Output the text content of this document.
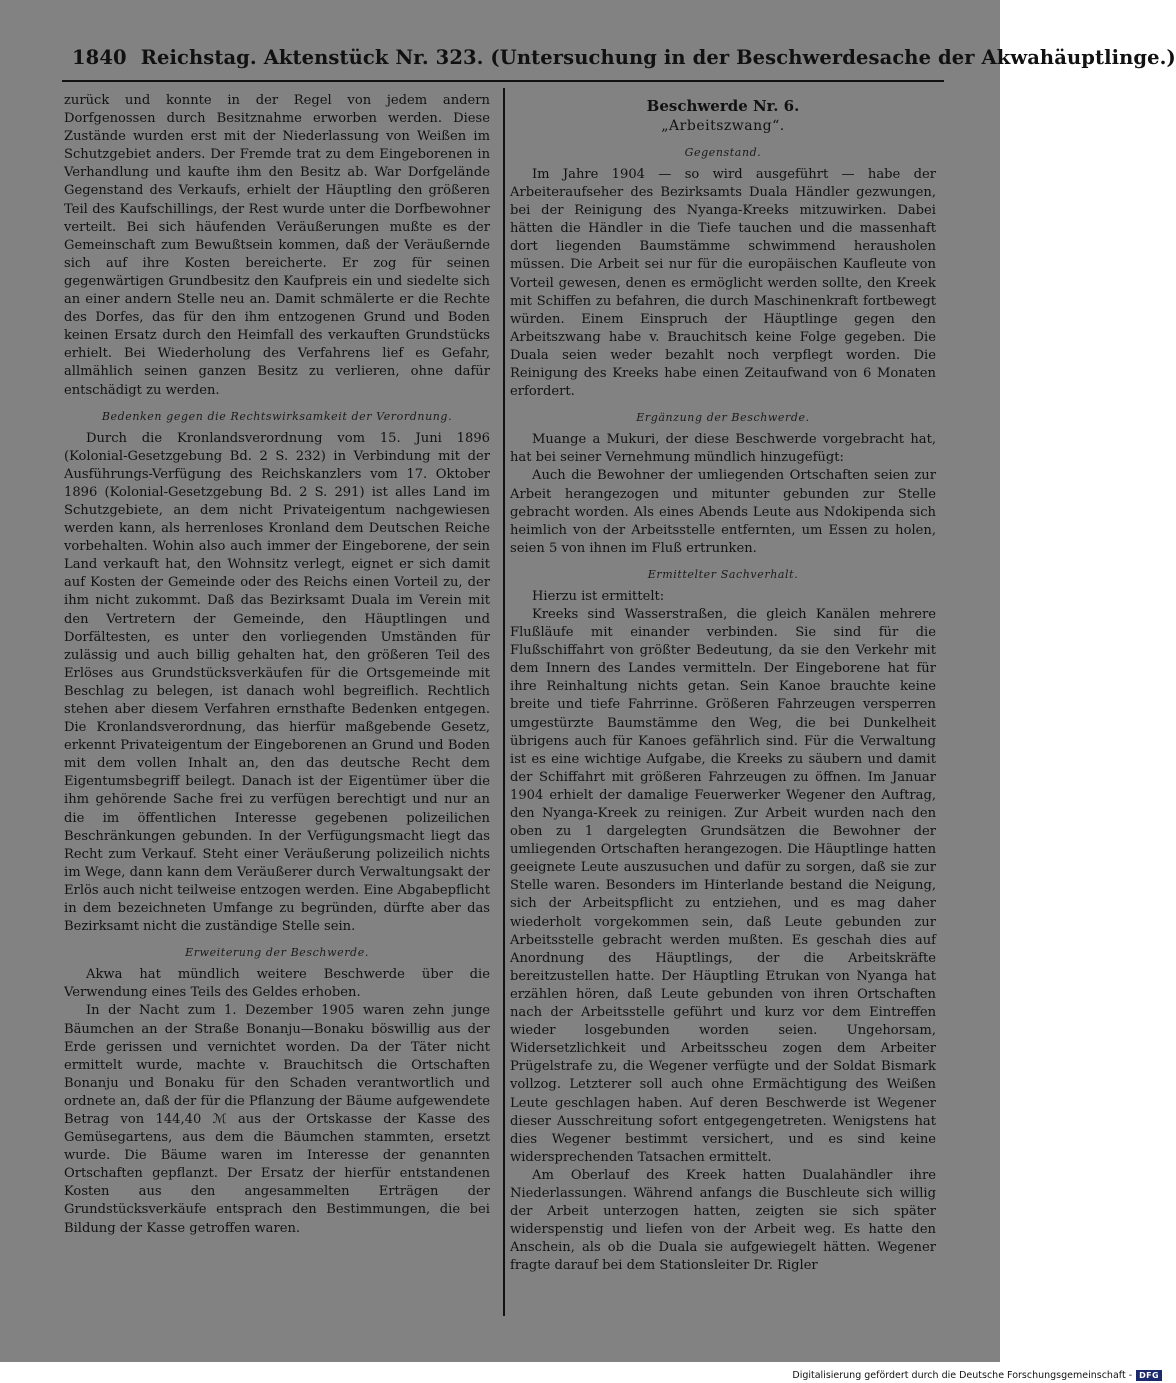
1840 Reichstag. Aktenstück Nr. 323. (Untersuchung in der Beschwerdesache der Akwahäuptlinge.)

zurück und konnte in der Regel von jedem andern Dorfgenossen durch Besitznahme erworben werden. Diese Zustände wurden erst mit der Niederlassung von Weißen im Schutzgebiet anders. Der Fremde trat zu dem Eingeborenen in Verhandlung und kaufte ihm den Besitz ab. War Dorfgelände Gegenstand des Verkaufs, erhielt der Häuptling den größeren Teil des Kaufschillings, der Rest wurde unter die Dorfbewohner verteilt. Bei sich häufenden Veräußerungen mußte es der Gemeinschaft zum Bewußtsein kommen, daß der Veräußernde sich auf ihre Kosten bereicherte. Er zog für seinen gegenwärtigen Grundbesitz den Kaufpreis ein und siedelte sich an einer andern Stelle neu an. Damit schmälerte er die Rechte des Dorfes, das für den ihm entzogenen Grund und Boden keinen Ersatz durch den Heimfall des verkauften Grundstücks erhielt. Bei Wiederholung des Verfahrens lief es Gefahr, allmählich seinen ganzen Besitz zu verlieren, ohne dafür entschädigt zu werden.

Bedenken gegen die Rechtswirksamkeit der Verordnung.

Durch die Kronlandsverordnung vom 15. Juni 1896 (Kolonial-Gesetzgebung Bd. 2 S. 232) in Verbindung mit der Ausführungs-Verfügung des Reichskanzlers vom 17. Oktober 1896 (Kolonial-Gesetzgebung Bd. 2 S. 291) ist alles Land im Schutzgebiete, an dem nicht Privateigentum nachgewiesen werden kann, als herrenloses Kronland dem Deutschen Reiche vorbehalten. Wohin also auch immer der Eingeborene, der sein Land verkauft hat, den Wohnsitz verlegt, eignet er sich damit auf Kosten der Gemeinde oder des Reichs einen Vorteil zu, der ihm nicht zukommt. Daß das Bezirksamt Duala im Verein mit den Vertretern der Gemeinde, den Häuptlingen und Dorfältesten, es unter den vorliegenden Umständen für zulässig und auch billig gehalten hat, den größeren Teil des Erlöses aus Grundstücksverkäufen für die Ortsgemeinde mit Beschlag zu belegen, ist danach wohl begreiflich. Rechtlich stehen aber diesem Verfahren ernsthafte Bedenken entgegen. Die Kronlandsverordnung, das hierfür maßgebende Gesetz, erkennt Privateigentum der Eingeborenen an Grund und Boden mit dem vollen Inhalt an, den das deutsche Recht dem Eigentumsbegriff beilegt. Danach ist der Eigentümer über die ihm gehörende Sache frei zu verfügen berechtigt und nur an die im öffentlichen Interesse gegebenen polizeilichen Beschränkungen gebunden. In der Verfügungsmacht liegt das Recht zum Verkauf. Steht einer Veräußerung polizeilich nichts im Wege, dann kann dem Veräußerer durch Verwaltungsakt der Erlös auch nicht teilweise entzogen werden. Eine Abgabepflicht in dem bezeichneten Umfange zu begründen, dürfte aber das Bezirksamt nicht die zuständige Stelle sein.

Erweiterung der Beschwerde.

Akwa hat mündlich weitere Beschwerde über die Verwendung eines Teils des Geldes erhoben.

In der Nacht zum 1. Dezember 1905 waren zehn junge Bäumchen an der Straße Bonanju—Bonaku böswillig aus der Erde gerissen und vernichtet worden. Da der Täter nicht ermittelt wurde, machte v. Brauchitsch die Ortschaften Bonanju und Bonaku für den Schaden verantwortlich und ordnete an, daß der für die Pflanzung der Bäume aufgewendete Betrag von 144,40 ℳ aus der Ortskasse der Kasse des Gemüsegartens, aus dem die Bäumchen stammten, ersetzt wurde. Die Bäume waren im Interesse der genannten Ortschaften gepflanzt. Der Ersatz der hierfür entstandenen Kosten aus den angesammelten Erträgen der Grundstücksverkäufe entsprach den Bestimmungen, die bei Bildung der Kasse getroffen waren.

Beschwerde Nr. 6.
„Arbeitszwang“.
Gegenstand.

Im Jahre 1904 — so wird ausgeführt — habe der Arbeiteraufseher des Bezirksamts Duala Händler gezwungen, bei der Reinigung des Nyanga-Kreeks mitzuwirken. Dabei hätten die Händler in die Tiefe tauchen und die massenhaft dort liegenden Baumstämme schwimmend herausholen müssen. Die Arbeit sei nur für die europäischen Kaufleute von Vorteil gewesen, denen es ermöglicht werden sollte, den Kreek mit Schiffen zu befahren, die durch Maschinenkraft fortbewegt würden. Einem Einspruch der Häuptlinge gegen den Arbeitszwang habe v. Brauchitsch keine Folge gegeben. Die Duala seien weder bezahlt noch verpflegt worden. Die Reinigung des Kreeks habe einen Zeitaufwand von 6 Monaten erfordert.

Ergänzung der Beschwerde.

Muange a Mukuri, der diese Beschwerde vorgebracht hat, hat bei seiner Vernehmung mündlich hinzugefügt:

Auch die Bewohner der umliegenden Ortschaften seien zur Arbeit herangezogen und mitunter gebunden zur Stelle gebracht worden. Als eines Abends Leute aus Ndokipenda sich heimlich von der Arbeitsstelle entfernten, um Essen zu holen, seien 5 von ihnen im Fluß ertrunken.

Ermittelter Sachverhalt.

Hierzu ist ermittelt:

Kreeks sind Wasserstraßen, die gleich Kanälen mehrere Flußläufe mit einander verbinden. Sie sind für die Flußschiffahrt von größter Bedeutung, da sie den Verkehr mit dem Innern des Landes vermitteln. Der Eingeborene hat für ihre Reinhaltung nichts getan. Sein Kanoe brauchte keine breite und tiefe Fahrrinne. Größeren Fahrzeugen versperren umgestürzte Baumstämme den Weg, die bei Dunkelheit übrigens auch für Kanoes gefährlich sind. Für die Verwaltung ist es eine wichtige Aufgabe, die Kreeks zu säubern und damit der Schiffahrt mit größeren Fahrzeugen zu öffnen. Im Januar 1904 erhielt der damalige Feuerwerker Wegener den Auftrag, den Nyanga-Kreek zu reinigen. Zur Arbeit wurden nach den oben zu 1 dargelegten Grundsätzen die Bewohner der umliegenden Ortschaften herangezogen. Die Häuptlinge hatten geeignete Leute auszusuchen und dafür zu sorgen, daß sie zur Stelle waren. Besonders im Hinterlande bestand die Neigung, sich der Arbeitspflicht zu entziehen, und es mag daher wiederholt vorgekommen sein, daß Leute gebunden zur Arbeitsstelle gebracht werden mußten. Es geschah dies auf Anordnung des Häuptlings, der die Arbeitskräfte bereitzustellen hatte. Der Häuptling Etrukan von Nyanga hat erzählen hören, daß Leute gebunden von ihren Ortschaften nach der Arbeitsstelle geführt und kurz vor dem Eintreffen wieder losgebunden worden seien. Ungehorsam, Widersetzlichkeit und Arbeitsscheu zogen dem Arbeiter Prügelstrafe zu, die Wegener verfügte und der Soldat Bismark vollzog. Letzterer soll auch ohne Ermächtigung des Weißen Leute geschlagen haben. Auf deren Beschwerde ist Wegener dieser Ausschreitung sofort entgegengetreten. Wenigstens hat dies Wegener bestimmt versichert, und es sind keine widersprechenden Tatsachen ermittelt.

Am Oberlauf des Kreek hatten Dualahändler ihre Niederlassungen. Während anfangs die Buschleute sich willig der Arbeit unterzogen hatten, zeigten sie sich später widerspenstig und liefen von der Arbeit weg. Es hatte den Anschein, als ob die Duala sie aufgewiegelt hätten. Wegener fragte darauf bei dem Stationsleiter Dr. Rigler

Digitalisierung gefördert durch die Deutsche Forschungsgemeinschaft - DFG
